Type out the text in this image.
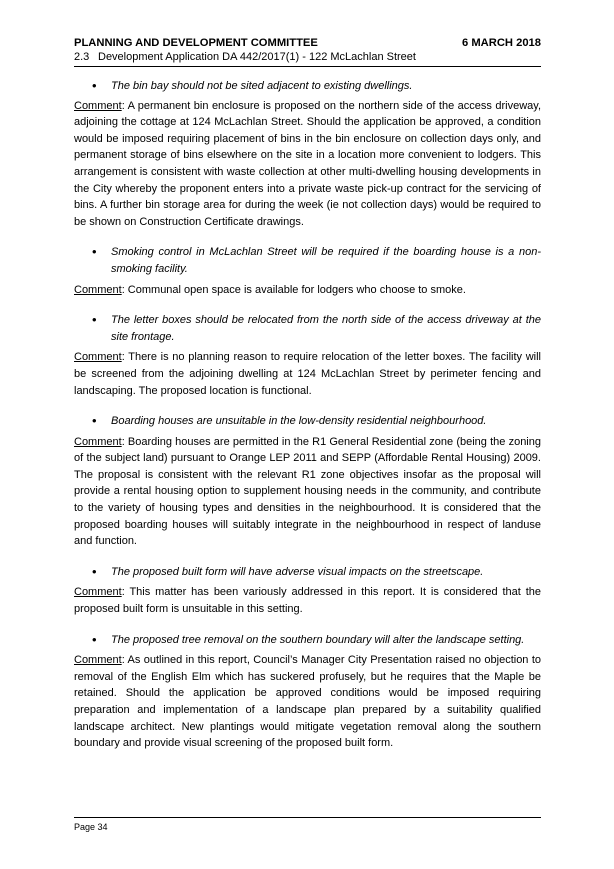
PLANNING AND DEVELOPMENT COMMITTEE	6 MARCH 2018
2.3 Development Application DA 442/2017(1) - 122 McLachlan Street

• The bin bay should not be sited adjacent to existing dwellings.

Comment: A permanent bin enclosure is proposed on the northern side of the access driveway, adjoining the cottage at 124 McLachlan Street. Should the application be approved, a condition would be imposed requiring placement of bins in the bin enclosure on collection days only, and permanent storage of bins elsewhere on the site in a location more convenient to lodgers. This arrangement is consistent with waste collection at other multi-dwelling housing developments in the City whereby the proponent enters into a private waste pick-up contract for the servicing of bins. A further bin storage area for during the week (ie not collection days) would be required to be shown on Construction Certificate drawings.

• Smoking control in McLachlan Street will be required if the boarding house is a non-smoking facility.

Comment: Communal open space is available for lodgers who choose to smoke.

• The letter boxes should be relocated from the north side of the access driveway at the site frontage.

Comment: There is no planning reason to require relocation of the letter boxes. The facility will be screened from the adjoining dwelling at 124 McLachlan Street by perimeter fencing and landscaping. The proposed location is functional.

• Boarding houses are unsuitable in the low-density residential neighbourhood.

Comment: Boarding houses are permitted in the R1 General Residential zone (being the zoning of the subject land) pursuant to Orange LEP 2011 and SEPP (Affordable Rental Housing) 2009. The proposal is consistent with the relevant R1 zone objectives insofar as the proposal will provide a rental housing option to supplement housing needs in the community, and contribute to the variety of housing types and densities in the neighbourhood. It is considered that the proposed boarding houses will suitably integrate in the neighbourhood in respect of landuse and function.

• The proposed built form will have adverse visual impacts on the streetscape.

Comment: This matter has been variously addressed in this report. It is considered that the proposed built form is unsuitable in this setting.

• The proposed tree removal on the southern boundary will alter the landscape setting.

Comment: As outlined in this report, Council’s Manager City Presentation raised no objection to removal of the English Elm which has suckered profusely, but he requires that the Maple be retained. Should the application be approved conditions would be imposed requiring preparation and implementation of a landscape plan prepared by a suitability qualified landscape architect. New plantings would mitigate vegetation removal along the southern boundary and provide visual screening of the proposed built form.

Page 34
